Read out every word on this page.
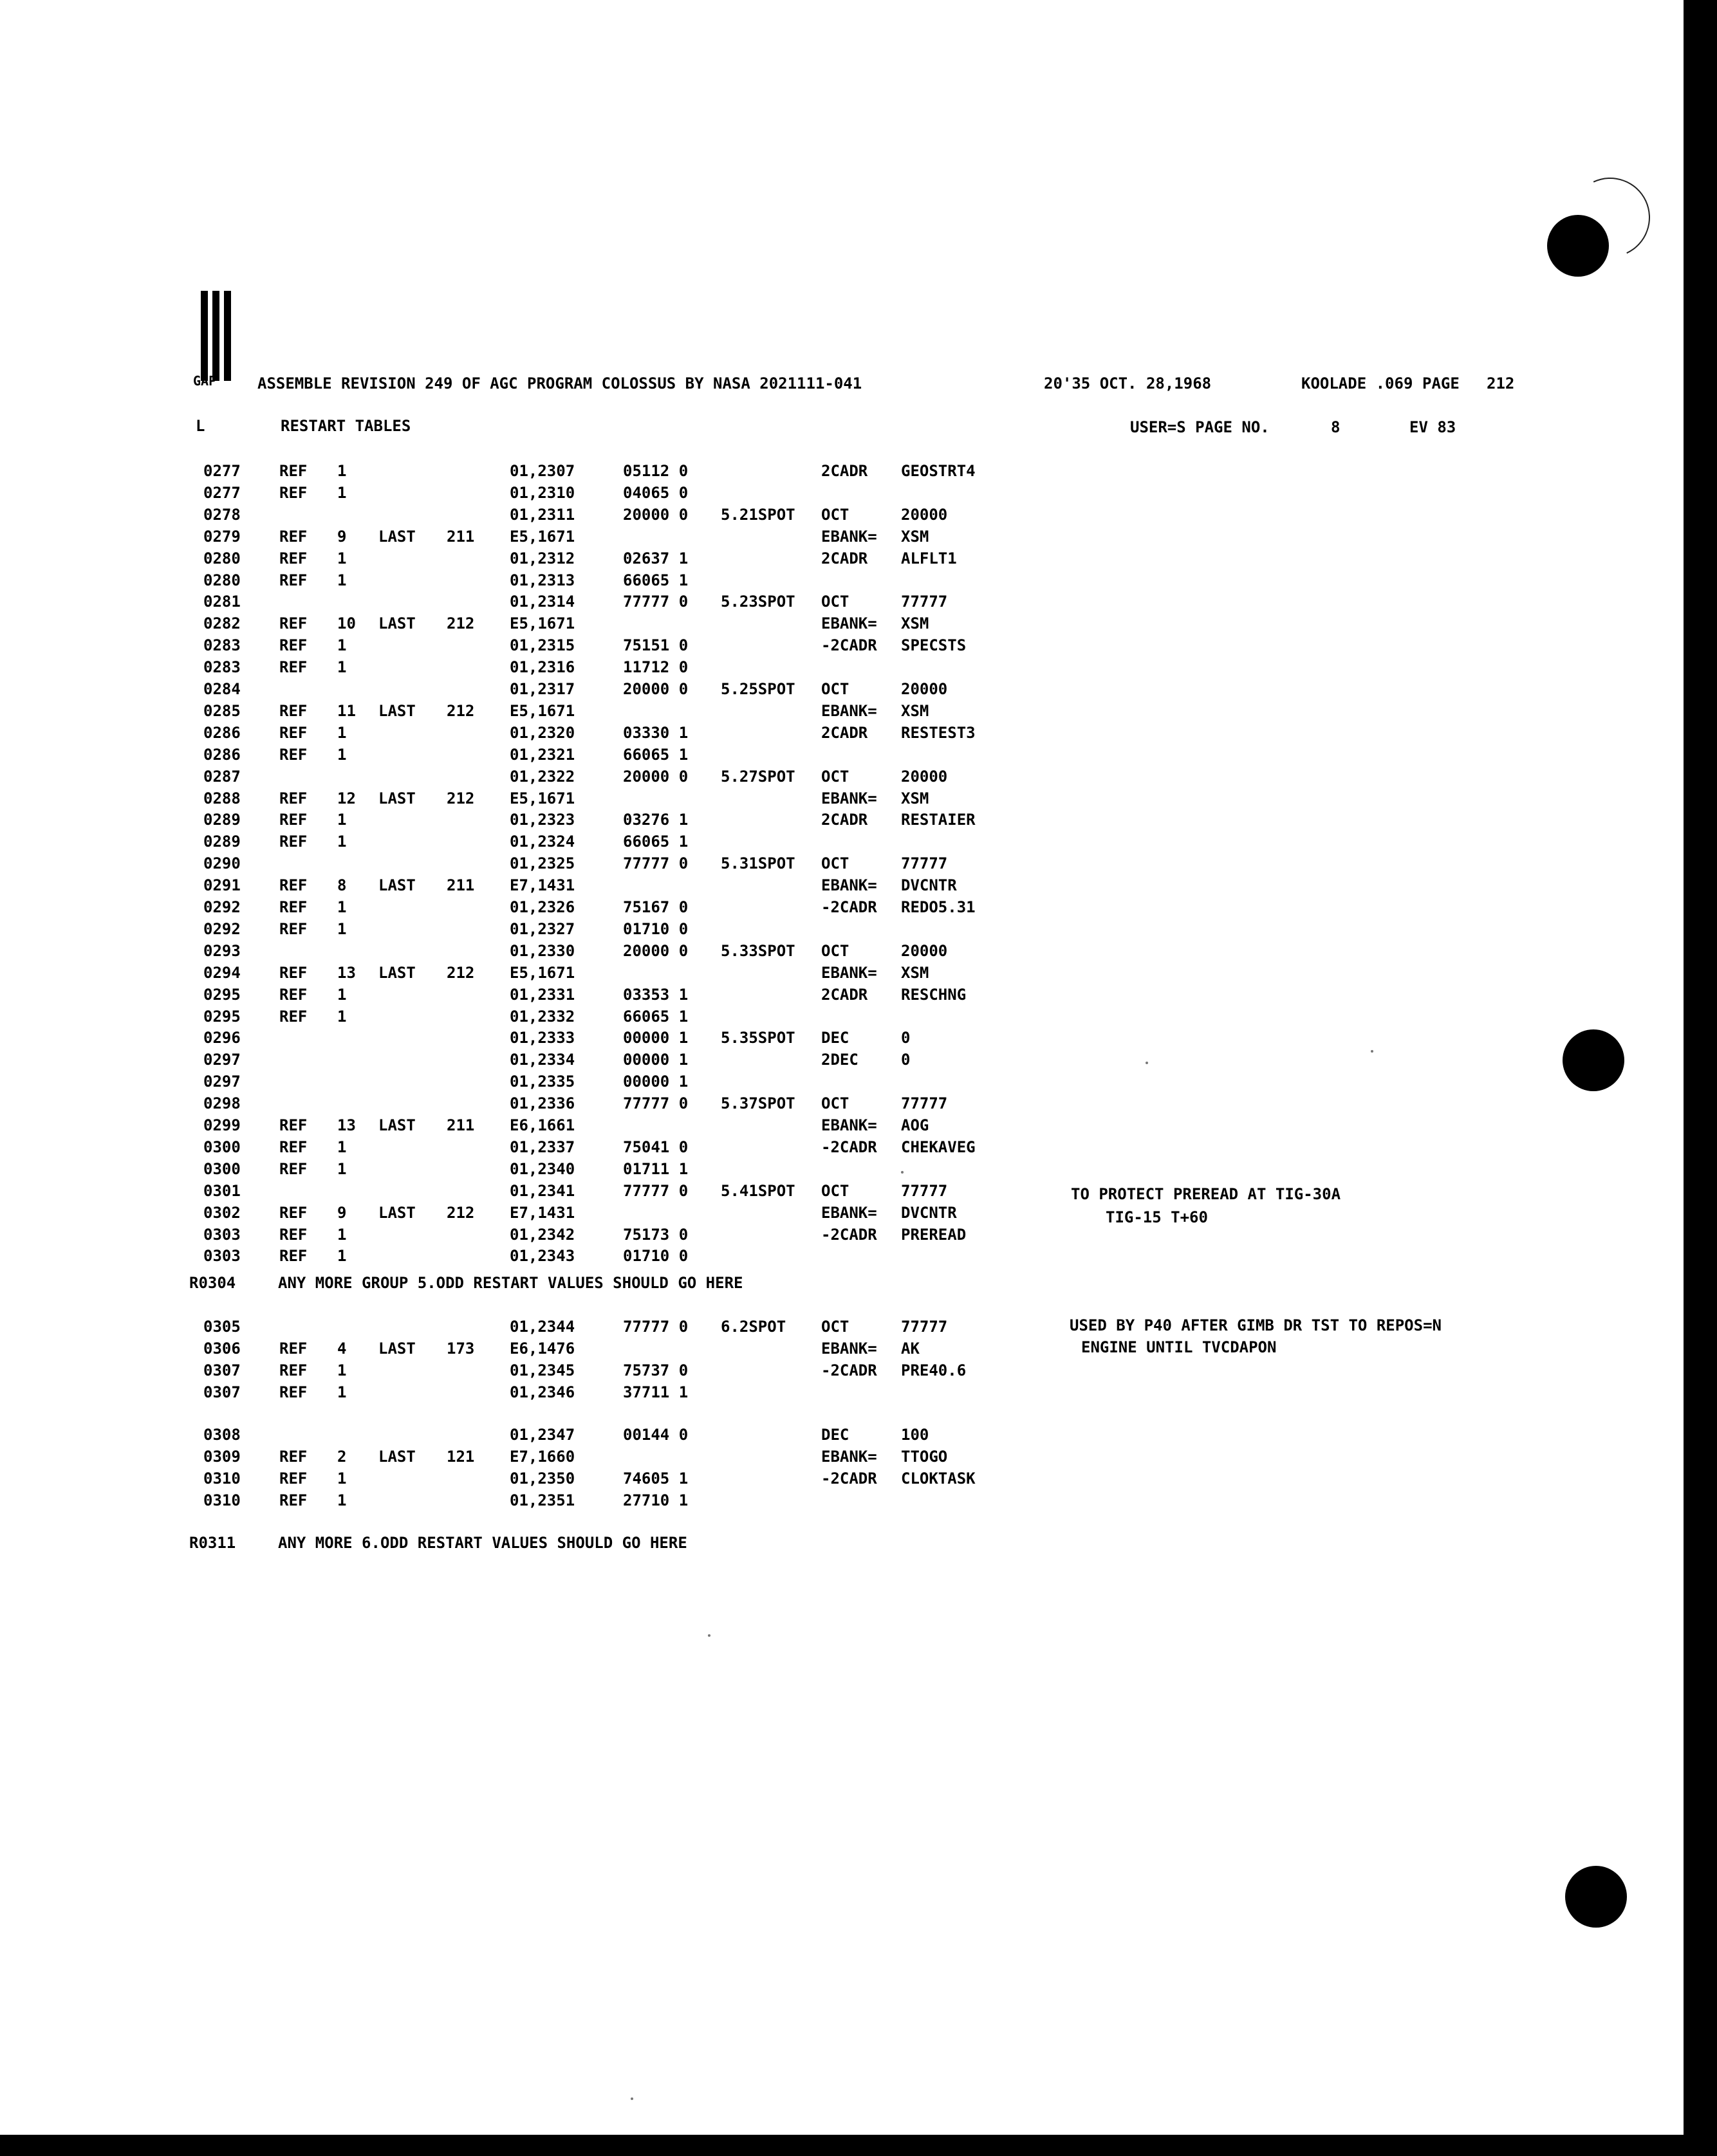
GAP	ASSEMBLE REVISION 249 OF AGC PROGRAM COLOSSUS BY NASA 2021111-041	20'35 OCT. 28,1968	KOOLADE .069 PAGE 212
L	RESTART TABLES	USER=S PAGE NO.	8	EV 83
0277	REF 1	01,2307	05112 0	2CADR GEOSTRT4
0277	REF 1	01,2310	04065 0
0278	01,2311	20000 0 5.21SPOT OCT	20000
0279	REF 9 LAST 211 E5,1671	EBANK= XSM
0280	REF 1	01,2312	02637 1	2CADR ALFLT1
0280	REF 1	01,2313	66065 1
0281	01,2314	77777 0 5.23SPOT OCT	77777
0282	REF 10 LAST 212 E5,1671	EBANK= XSM
0283	REF 1	01,2315	75151 0	-2CADR SPECSTS
0283	REF 1	01,2316	11712 0
0284	01,2317	20000 0 5.25SPOT OCT	20000
0285	REF 11 LAST 212 E5,1671	EBANK= XSM
0286	REF 1	01,2320	03330 1	2CADR RESTEST3
0286	REF 1	01,2321	66065 1
0287	01,2322	20000 0 5.27SPOT OCT	20000
0288	REF 12 LAST 212 E5,1671	EBANK= XSM
0289	REF 1	01,2323	03276 1	2CADR RESTAIER
0289	REF 1	01,2324	66065 1
0290	01,2325	77777 0 5.31SPOT OCT	77777
0291	REF 8 LAST 211 E7,1431	EBANK= DVCNTR
0292	REF 1	01,2326	75167 0	-2CADR REDO5.31
0292	REF 1	01,2327	01710 0
0293	01,2330	20000 0 5.33SPOT OCT	20000
0294	REF 13 LAST 212 E5,1671	EBANK= XSM
0295	REF 1	01,2331	03353 1	2CADR RESCHNG
0295	REF 1	01,2332	66065 1
0296	01,2333	00000 1 5.35SPOT DEC	0
0297	01,2334	00000 1	2DEC	0
0297	01,2335	00000 1
0298	01,2336	77777 0 5.37SPOT OCT	77777
0299	REF 13 LAST 211 E6,1661	EBANK= AOG
0300	REF 1	01,2337	75041 0	-2CADR CHEKAVEG
0300	REF 1	01,2340	01711 1
0301	01,2341	77777 0 5.41SPOT OCT	77777
0302	REF 9 LAST 212 E7,1431	EBANK= DVCNTR
0303	REF 1	01,2342	75173 0	-2CADR PREREAD
0303	REF 1	01,2343	01710 0
R0304	ANY MORE GROUP 5.ODD RESTART VALUES SHOULD GO HERE
0305	01,2344	77777 0 6.2SPOT OCT	77777
0306	REF 4 LAST 173 E6,1476	EBANK= AK
0307	REF 1	01,2345	75737 0	-2CADR PRE40.6
0307	REF 1	01,2346	37711 1
0308	01,2347	00144 0	DEC	100
0309	REF 2 LAST 121 E7,1660	EBANK= TTOGO
0310	REF 1	01,2350	74605 1	-2CADR CLOKTASK
0310	REF 1	01,2351	27710 1
R0311	ANY MORE 6.ODD RESTART VALUES SHOULD GO HERE
TO PROTECT PREREAD AT TIG-30A
TIG-15 T+60
USED BY P40 AFTER GIMB DR TST TO REPOS=N
ENGINE UNTIL TVCDAPON
